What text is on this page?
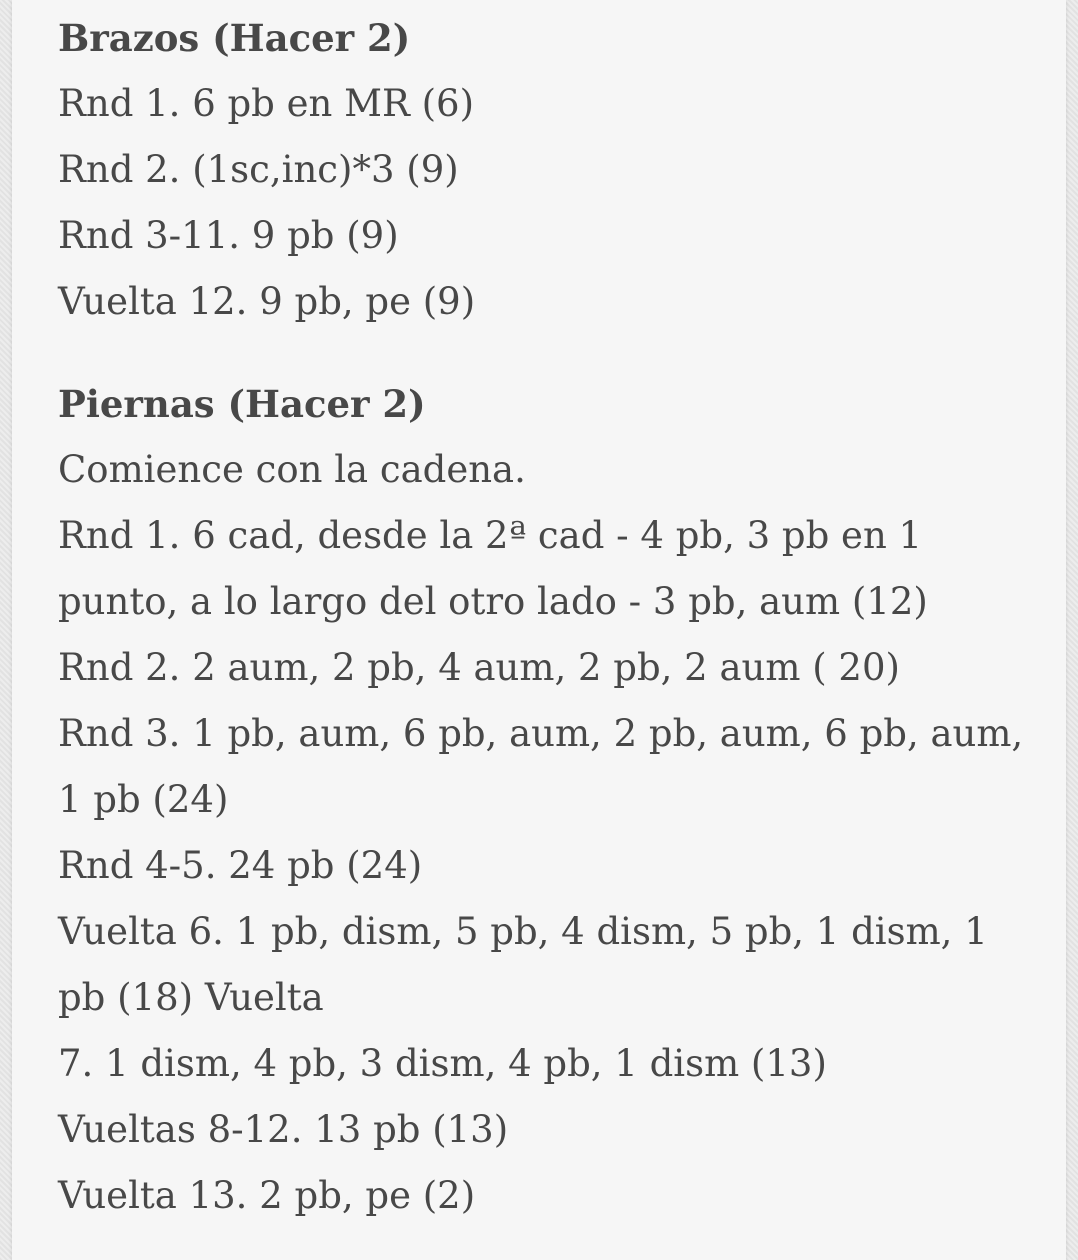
Brazos (Hacer 2)

Rnd 1. 6 pb en MR (6)

Rnd 2. (1sc,inc)*3 (9)

Rnd 3-11. 9 pb (9)

Vuelta 12. 9 pb, pe (9)

Piernas (Hacer 2)

Comience con la cadena.

Rnd 1. 6 cad, desde la 2ª cad - 4 pb, 3 pb en 1 punto, a lo largo del otro lado - 3 pb, aum (12)

Rnd 2. 2 aum, 2 pb, 4 aum, 2 pb, 2 aum ( 20)

Rnd 3. 1 pb, aum, 6 pb, aum, 2 pb, aum, 6 pb, aum, 1 pb (24)

Rnd 4-5. 24 pb (24)

Vuelta 6. 1 pb, dism, 5 pb, 4 dism, 5 pb, 1 dism, 1 pb (18) Vuelta

7. 1 dism, 4 pb, 3 dism, 4 pb, 1 dism (13)

Vueltas 8-12. 13 pb (13)

Vuelta 13. 2 pb, pe (2)
